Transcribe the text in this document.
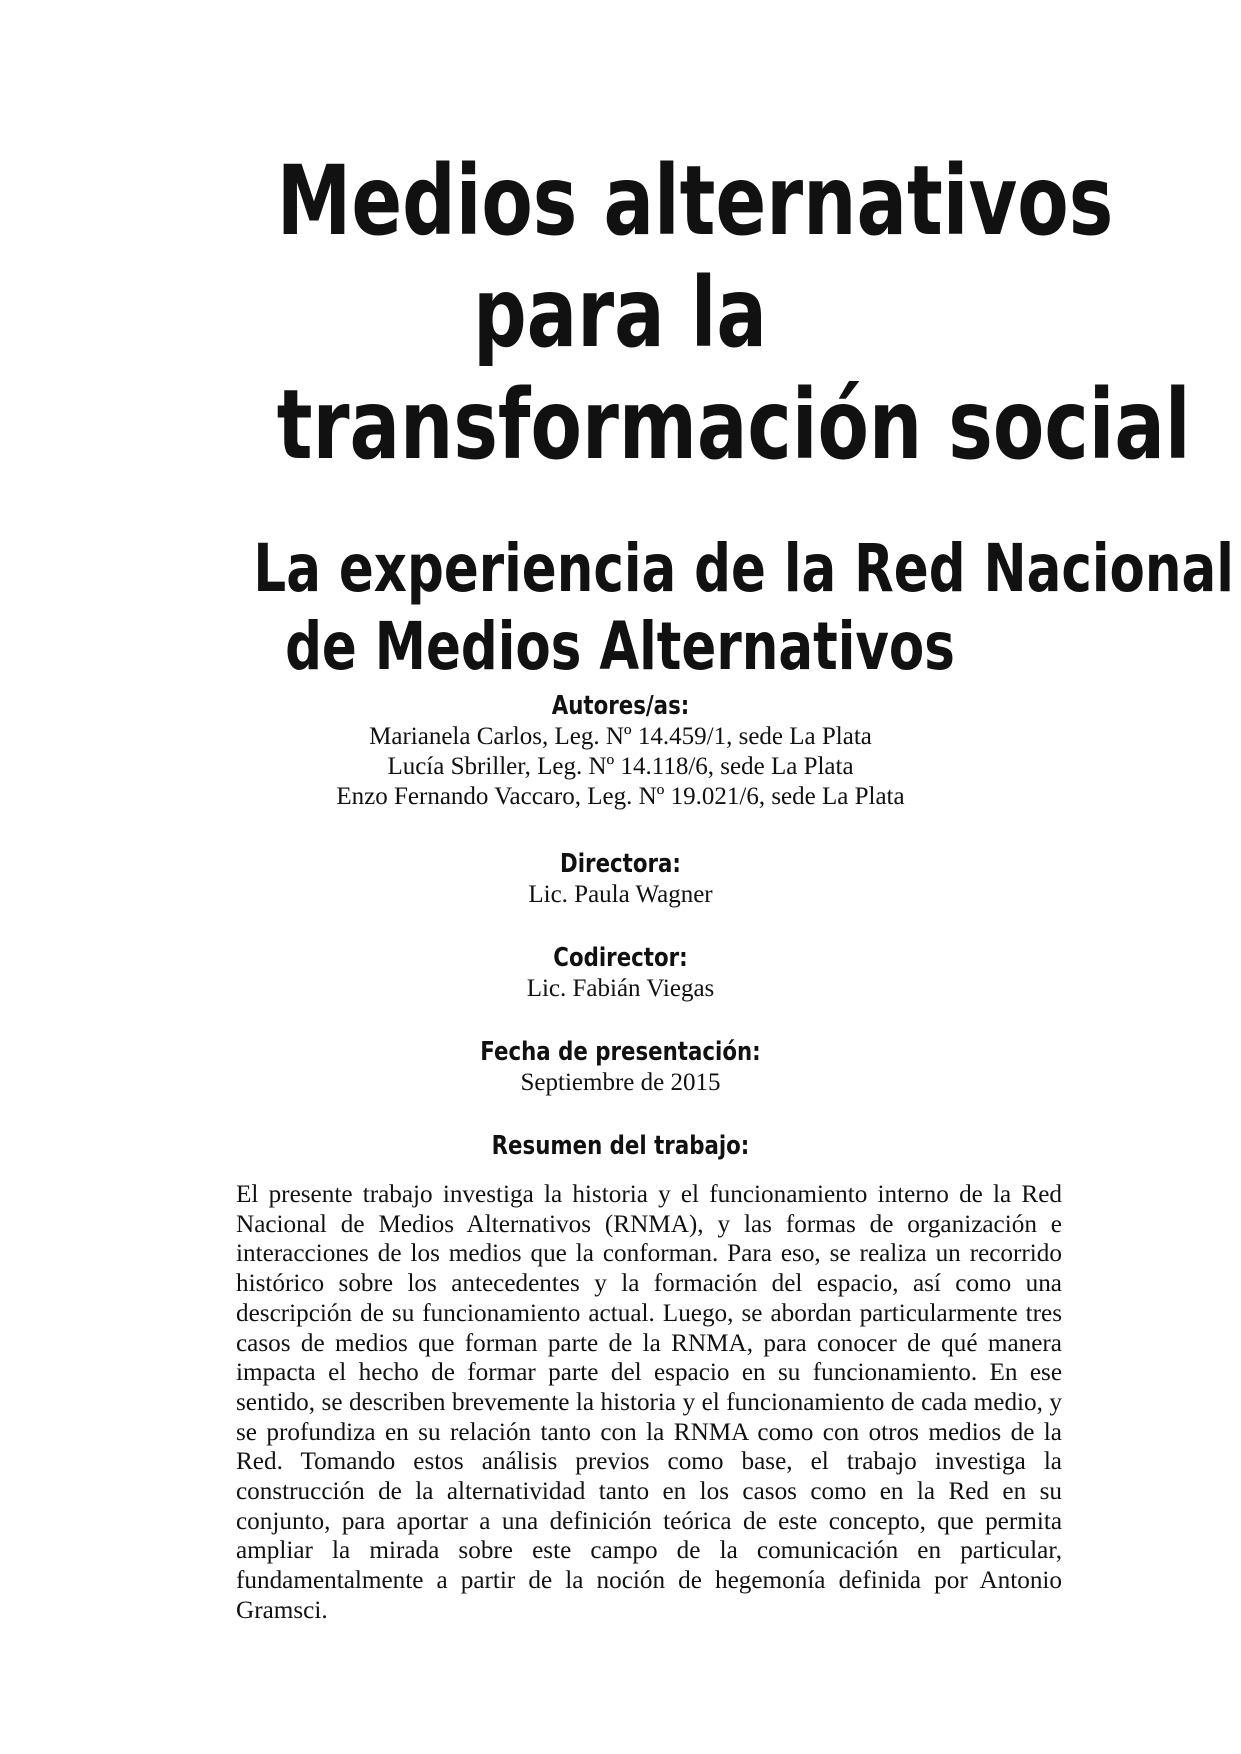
Medios alternativos
para la
transformación social
La experiencia de la Red Nacional
de Medios Alternativos
Autores/as:
Marianela Carlos, Leg. Nº 14.459/1, sede La Plata
Lucía Sbriller, Leg. Nº 14.118/6, sede La Plata
Enzo Fernando Vaccaro, Leg. Nº 19.021/6, sede La Plata
Directora:
Lic. Paula Wagner
Codirector:
Lic. Fabián Viegas
Fecha de presentación:
Septiembre de 2015
Resumen del trabajo:

El presente trabajo investiga la historia y el funcionamiento interno de la Red Nacional de Medios Alternativos (RNMA), y las formas de organización e interacciones de los medios que la conforman. Para eso, se realiza un recorrido histórico sobre los antecedentes y la formación del espacio, así como una descripción de su funcionamiento actual. Luego, se abordan particularmente tres casos de medios que forman parte de la RNMA, para conocer de qué manera impacta el hecho de formar parte del espacio en su funcionamiento. En ese sentido, se describen brevemente la historia y el funcionamiento de cada medio, y se profundiza en su relación tanto con la RNMA como con otros medios de la Red. Tomando estos análisis previos como base, el trabajo investiga la construcción de la alternatividad tanto en los casos como en la Red en su conjunto, para aportar a una definición teórica de este concepto, que permita ampliar la mirada sobre este campo de la comunicación en particular, fundamentalmente a partir de la noción de hegemonía definida por Antonio Gramsci.
